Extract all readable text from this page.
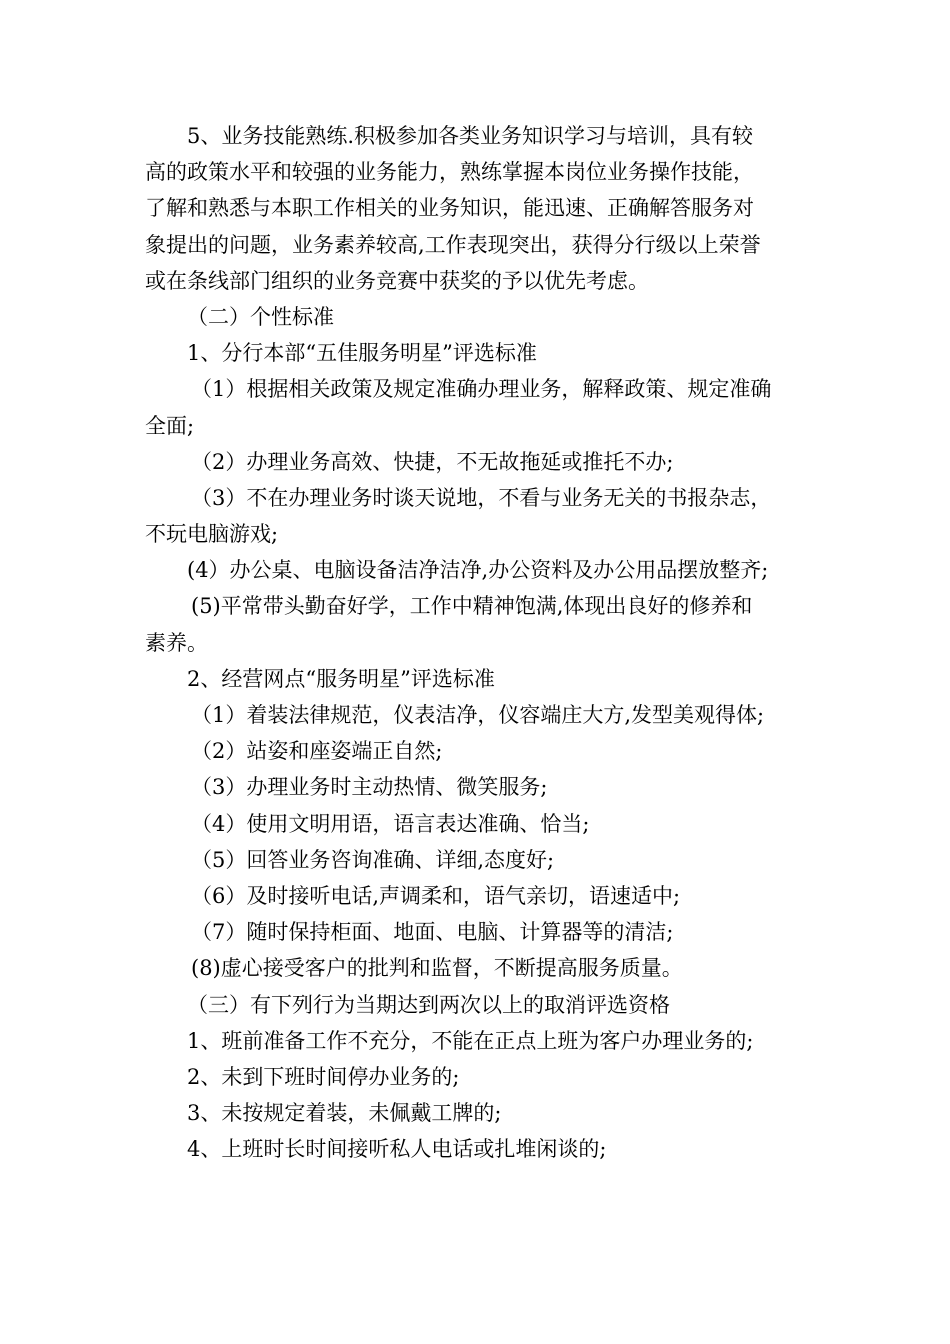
5、业务技能熟练.积极参加各类业务知识学习与培训，具有较
高的政策水平和较强的业务能力，熟练掌握本岗位业务操作技能，
了解和熟悉与本职工作相关的业务知识，能迅速、正确解答服务对
象提出的问题，业务素养较高,工作表现突出，获得分行级以上荣誉
或在条线部门组织的业务竞赛中获奖的予以优先考虑。
（二）个性标准
1、分行本部“五佳服务明星”评选标准
（1）根据相关政策及规定准确办理业务，解释政策、规定准确
全面;
（2）办理业务高效、快捷，不无故拖延或推托不办;
（3）不在办理业务时谈天说地，不看与业务无关的书报杂志，
不玩电脑游戏;
(4）办公桌、电脑设备洁净洁净,办公资料及办公用品摆放整齐;
(5)平常带头勤奋好学，工作中精神饱满,体现出良好的修养和
素养。
2、经营网点“服务明星”评选标准
（1）着装法律规范，仪表洁净，仪容端庄大方,发型美观得体;
（2）站姿和座姿端正自然;
（3）办理业务时主动热情、微笑服务;
（4）使用文明用语，语言表达准确、恰当;
（5）回答业务咨询准确、详细,态度好;
（6）及时接听电话,声调柔和，语气亲切，语速适中;
（7）随时保持柜面、地面、电脑、计算器等的清洁;
(8)虚心接受客户的批判和监督，不断提高服务质量。
（三）有下列行为当期达到两次以上的取消评选资格
1、班前准备工作不充分，不能在正点上班为客户办理业务的;
2、未到下班时间停办业务的;
3、未按规定着装，未佩戴工牌的;
4、上班时长时间接听私人电话或扎堆闲谈的;
